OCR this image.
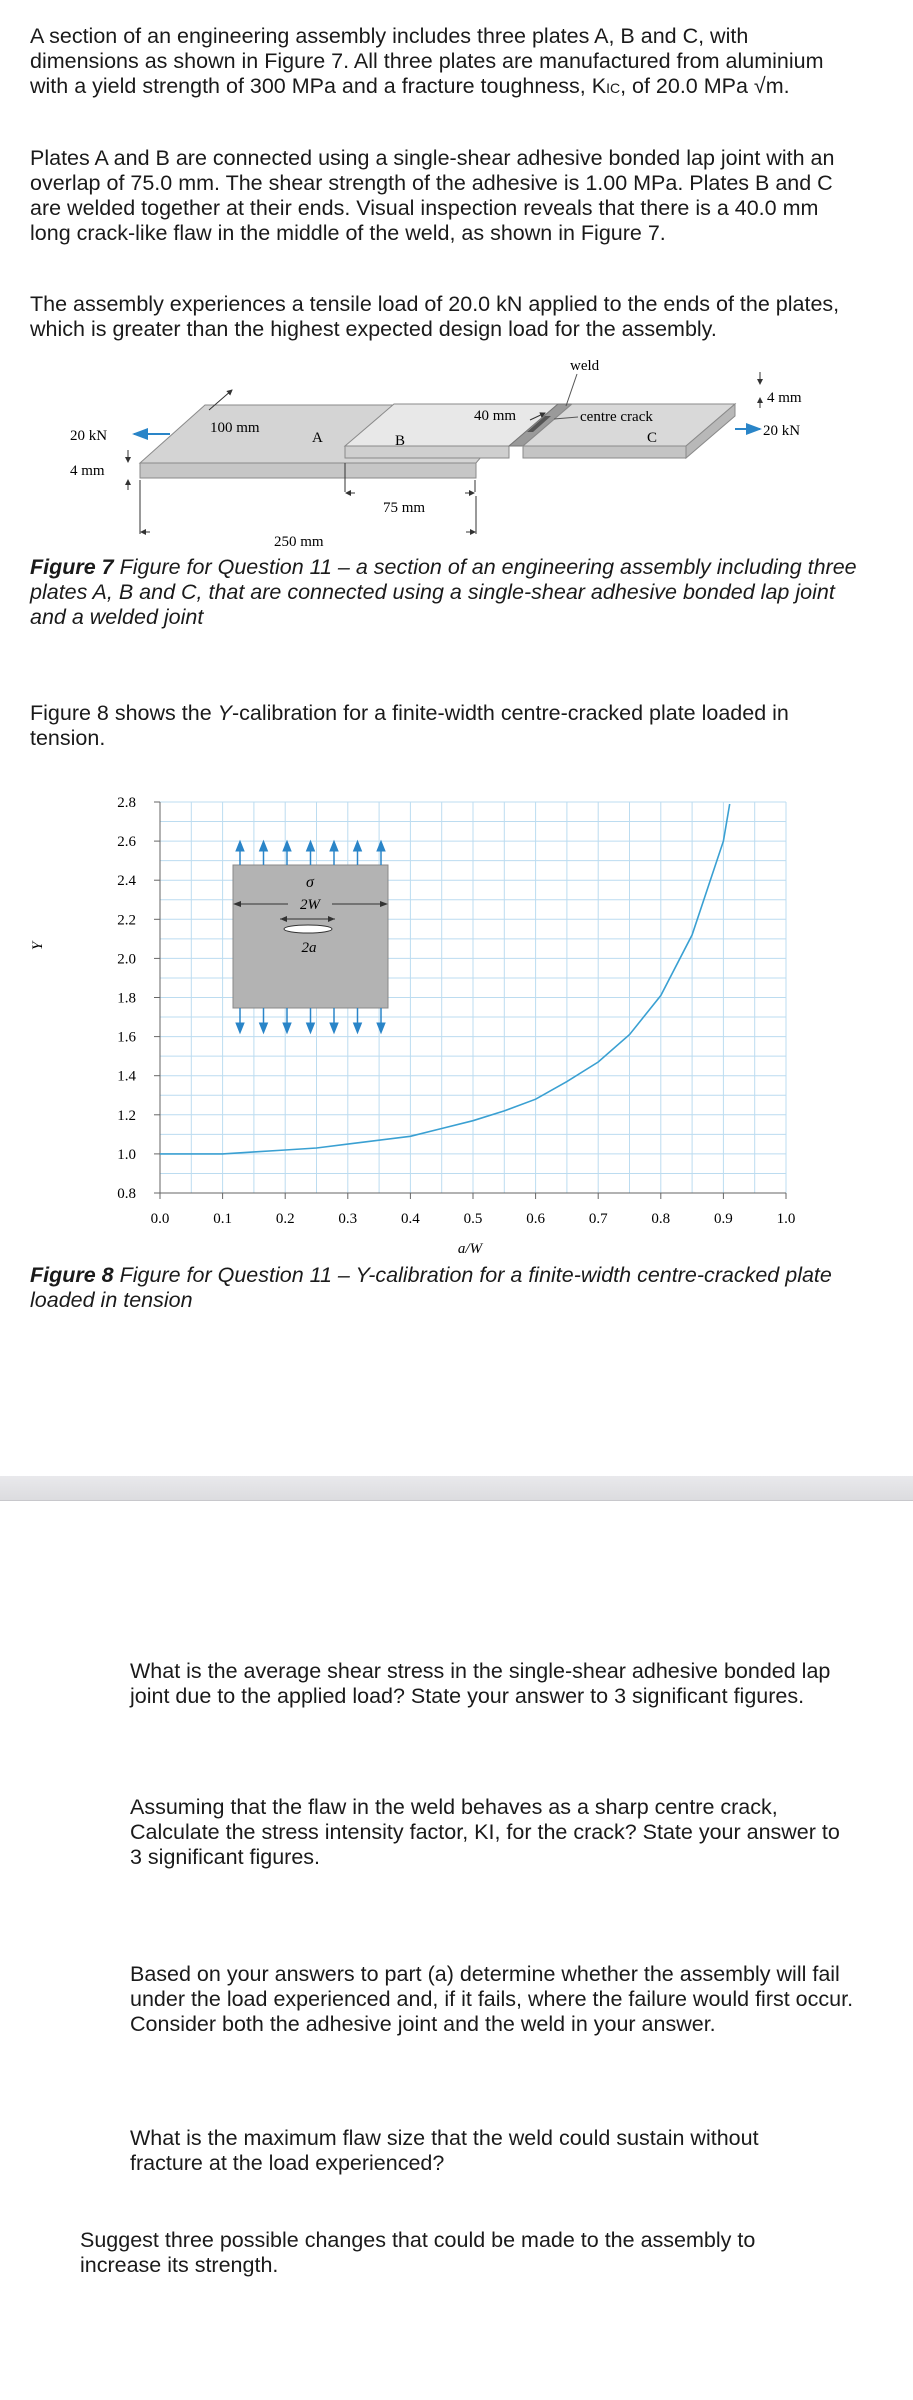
A section of an engineering assembly includes three plates A, B and C, with dimensions as shown in Figure 7. All three plates are manufactured from aluminium with a yield strength of 300 MPa and a fracture toughness, KIC, of 20.0 MPa √m.

Plates A and B are connected using a single-shear adhesive bonded lap joint with an overlap of 75.0 mm. The shear strength of the adhesive is 1.00 MPa. Plates B and C are welded together at their ends. Visual inspection reveals that there is a 40.0 mm long crack-like flaw in the middle of the weld, as shown in Figure 7.

The assembly experiences a tensile load of 20.0 kN applied to the ends of the plates, which is greater than the highest expected design load for the assembly.

20 kN	20 kN
4 mm
4 mm
100 mm
A	B	C
weld
40 mm	centre crack
75 mm
250 mm

Figure 7 Figure for Question 11 – a section of an engineering assembly including three plates A, B and C, that are connected using a single-shear adhesive bonded lap joint and a welded joint

Figure 8 shows the Y-calibration for a finite-width centre-cracked plate loaded in tension.

0.0	0.1	0.2	0.3	0.4	0.5	0.6	0.7	0.8	0.9	1.0
0.8
1.0
1.2
1.4
1.6
1.8
2.0
2.2
2.4
2.6
2.8
Y
a/W
σ
2W
2a

Figure 8 Figure for Question 11 – Y-calibration for a finite-width centre-cracked plate loaded in tension

What is the average shear stress in the single-shear adhesive bonded lap joint due to the applied load? State your answer to 3 significant figures.

Assuming that the flaw in the weld behaves as a sharp centre crack, Calculate the stress intensity factor, KI, for the crack? State your answer to 3 significant figures.

Based on your answers to part (a) determine whether the assembly will fail under the load experienced and, if it fails, where the failure would first occur. Consider both the adhesive joint and the weld in your answer.

What is the maximum flaw size that the weld could sustain without fracture at the load experienced?

Suggest three possible changes that could be made to the assembly to increase its strength.
